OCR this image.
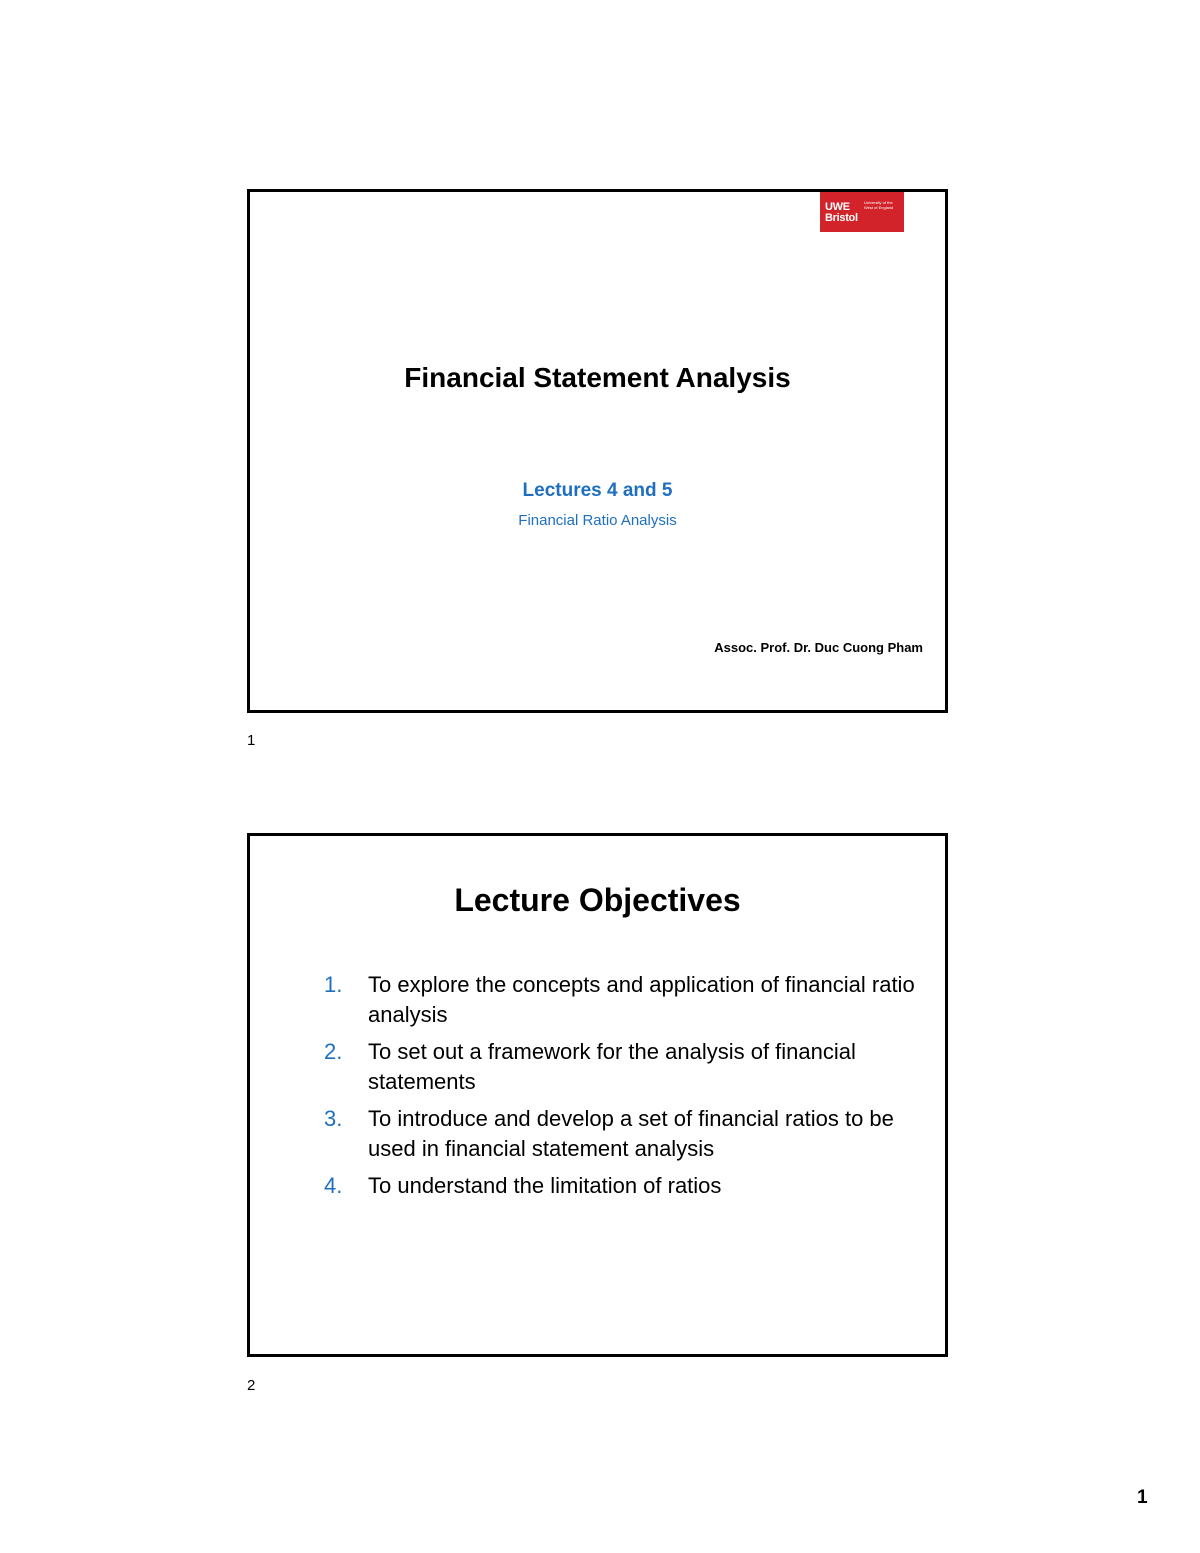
UWE
Bristol
University of the West of England
Financial Statement Analysis
Lectures 4 and 5
Financial Ratio Analysis
Assoc. Prof. Dr. Duc Cuong Pham
1
Lecture Objectives
1.	To explore the concepts and application of financial ratio analysis
2.	To set out a framework for the analysis of financial statements
3.	To introduce and develop a set of financial ratios to be used in financial statement analysis
4.	To understand the limitation of ratios
2
1
